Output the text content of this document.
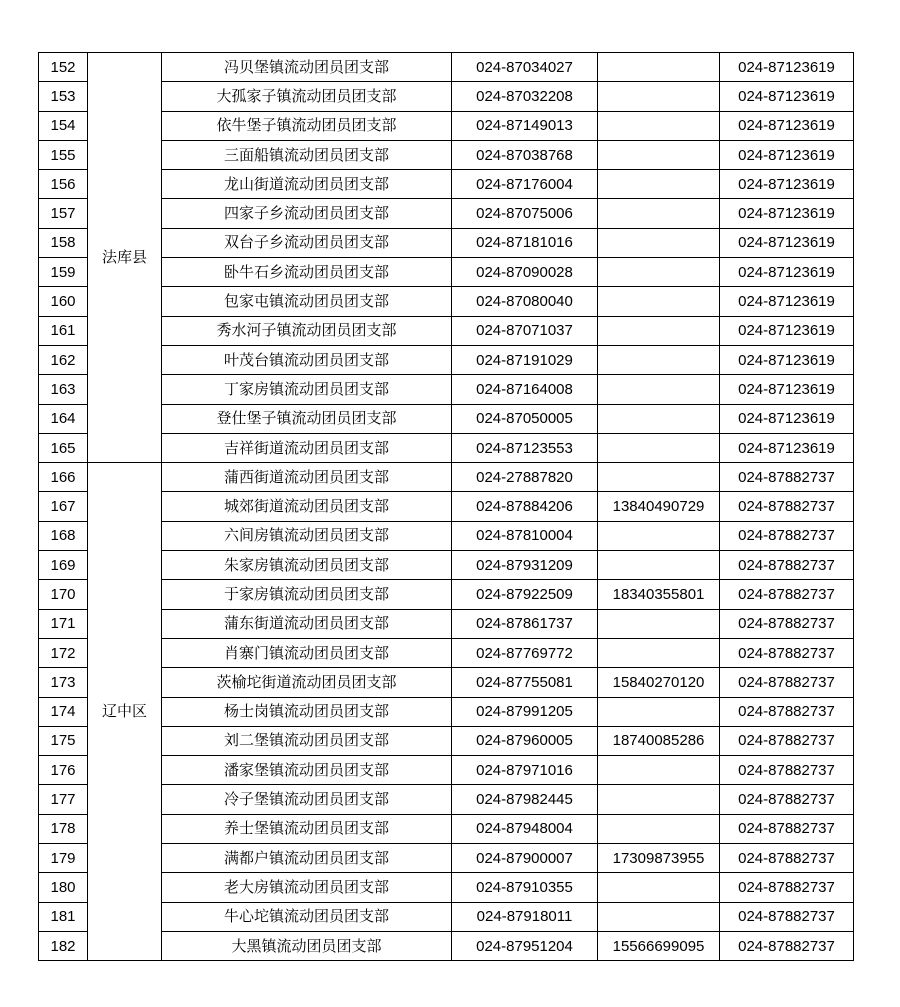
152	法库县	冯贝堡镇流动团员团支部	024-87034027		024-87123619
153		大孤家子镇流动团员团支部	024-87032208		024-87123619
154		依牛堡子镇流动团员团支部	024-87149013		024-87123619
155		三面船镇流动团员团支部	024-87038768		024-87123619
156		龙山街道流动团员团支部	024-87176004		024-87123619
157		四家子乡流动团员团支部	024-87075006		024-87123619
158		双台子乡流动团员团支部	024-87181016		024-87123619
159		卧牛石乡流动团员团支部	024-87090028		024-87123619
160		包家屯镇流动团员团支部	024-87080040		024-87123619
161		秀水河子镇流动团员团支部	024-87071037		024-87123619
162		叶茂台镇流动团员团支部	024-87191029		024-87123619
163		丁家房镇流动团员团支部	024-87164008		024-87123619
164		登仕堡子镇流动团员团支部	024-87050005		024-87123619
165		吉祥街道流动团员团支部	024-87123553		024-87123619
166	辽中区	蒲西街道流动团员团支部	024-27887820		024-87882737
167		城郊街道流动团员团支部	024-87884206	13840490729	024-87882737
168		六间房镇流动团员团支部	024-87810004		024-87882737
169		朱家房镇流动团员团支部	024-87931209		024-87882737
170		于家房镇流动团员团支部	024-87922509	18340355801	024-87882737
171		蒲东街道流动团员团支部	024-87861737		024-87882737
172		肖寨门镇流动团员团支部	024-87769772		024-87882737
173		茨榆坨街道流动团员团支部	024-87755081	15840270120	024-87882737
174		杨士岗镇流动团员团支部	024-87991205		024-87882737
175		刘二堡镇流动团员团支部	024-87960005	18740085286	024-87882737
176		潘家堡镇流动团员团支部	024-87971016		024-87882737
177		冷子堡镇流动团员团支部	024-87982445		024-87882737
178		养士堡镇流动团员团支部	024-87948004		024-87882737
179		满都户镇流动团员团支部	024-87900007	17309873955	024-87882737
180		老大房镇流动团员团支部	024-87910355		024-87882737
181		牛心坨镇流动团员团支部	024-87918011		024-87882737
182		大黑镇流动团员团支部	024-87951204	15566699095	024-87882737
